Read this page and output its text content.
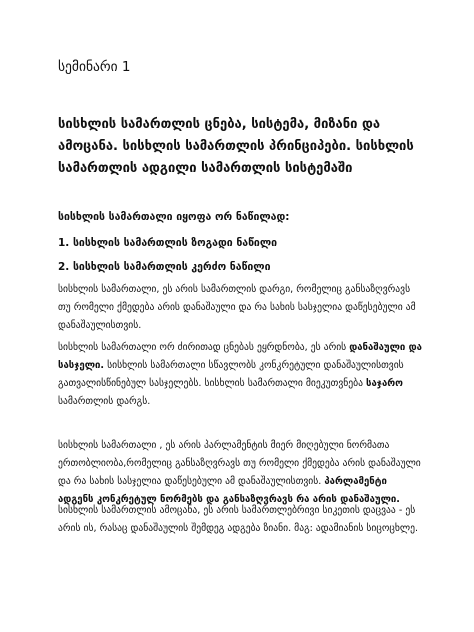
სემინარი 1

სისხლის სამართლის ცნება, სისტემა, მიზანი და ამოცანა. სისხლის სამართლის პრინციპები. სისხლის სამართლის ადგილი სამართლის სისტემაში

სისხლის სამართალი იყოფა ორ ნაწილად:

1. სისხლის სამართლის ზოგადი ნაწილი

2. სისხლის სამართლის კერძო ნაწილი

სისხლის სამართალი, ეს არის სამართლის დარგი, რომელიც განსაზღვრავს თუ რომელი ქმედება არის დანაშაული და რა სახის სასჯელია დაწესებული ამ დანაშაულისთვის.

სისხლის სამართალი ორ ძირითად ცნებას ეყრდნობა, ეს არის დანაშაული და სასჯელი. სისხლის სამართალი სწავლობს კონკრეტული დანაშაულისთვის გათვალისწინებულ სასჯელებს. სისხლის სამართალი მიეკუთვნება საჯარო სამართლის დარგს.

სისხლის სამართალი , ეს არის პარლამენტის მიერ მიღებული ნორმათა ერთობლიობა,რომელიც განსაზღვრავს თუ რომელი ქმედება არის დანაშაული და რა სახის სასჯელია დაწესებული ამ დანაშაულისთვის. პარლამენტი ადგენს კონკრეტულ ნორმებს და განსაზღვრავს რა არის დანაშაული.

სისხლის სამართლის ამოცანა, ეს არის სამართლებრივი სიკეთის დაცვაა - ეს არის ის, რასაც დანაშაულის შემდეგ ადგება ზიანი. მაგ: ადამიანის სიცოცხლე.
